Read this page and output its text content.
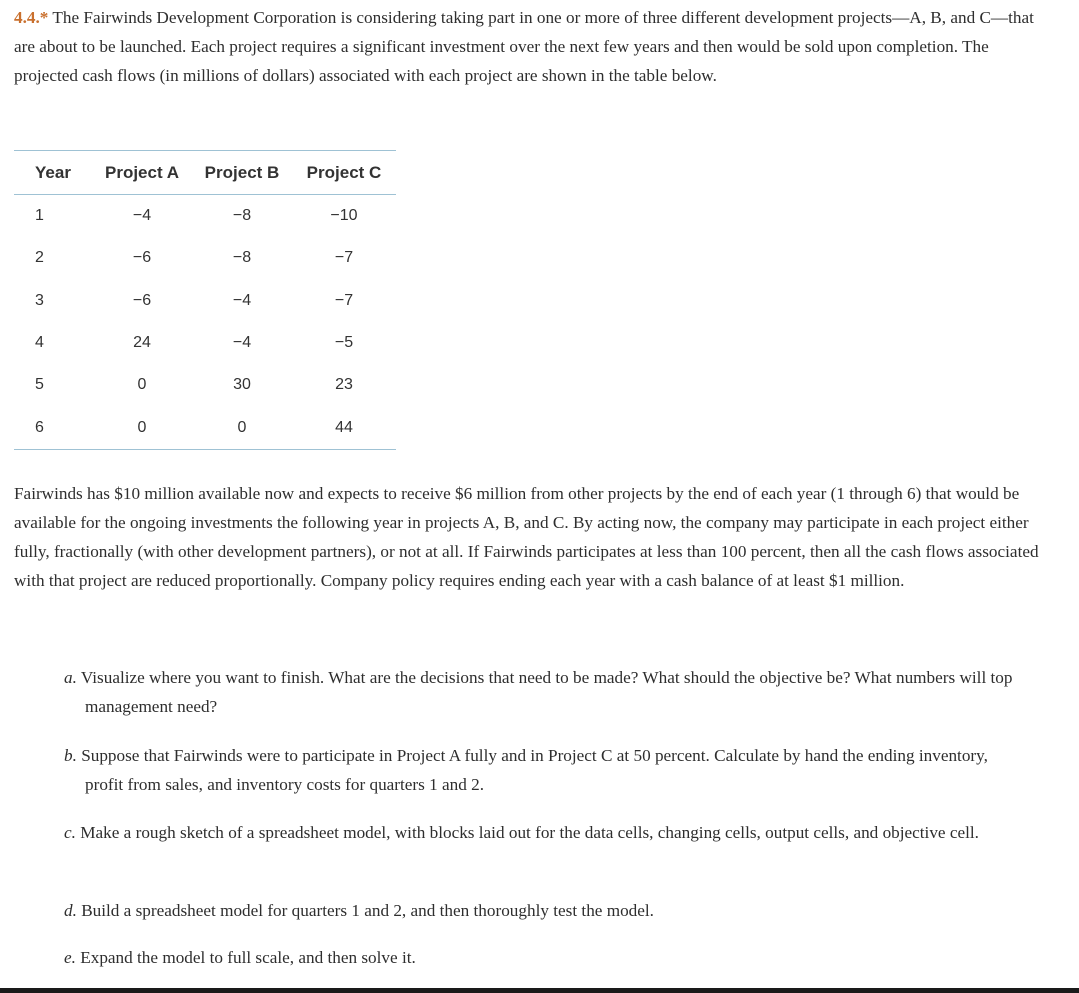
4.4.* The Fairwinds Development Corporation is considering taking part in one or more of three different development projects—A, B, and C—that are about to be launched. Each project requires a significant investment over the next few years and then would be sold upon completion. The projected cash flows (in millions of dollars) associated with each project are shown in the table below.
Year	Project A	Project B	Project C
1	−4	−8	−10
2	−6	−8	−7
3	−6	−4	−7
4	24	−4	−5
5	0	30	23
6	0	0	44
Fairwinds has $10 million available now and expects to receive $6 million from other projects by the end of each year (1 through 6) that would be available for the ongoing investments the following year in projects A, B, and C. By acting now, the company may participate in each project either fully, fractionally (with other development partners), or not at all. If Fairwinds participates at less than 100 percent, then all the cash flows associated with that project are reduced proportionally. Company policy requires ending each year with a cash balance of at least $1 million.
a. Visualize where you want to finish. What are the decisions that need to be made? What should the objective be? What numbers will top management need?
b. Suppose that Fairwinds were to participate in Project A fully and in Project C at 50 percent. Calculate by hand the ending inventory, profit from sales, and inventory costs for quarters 1 and 2.
c. Make a rough sketch of a spreadsheet model, with blocks laid out for the data cells, changing cells, output cells, and objective cell.
d. Build a spreadsheet model for quarters 1 and 2, and then thoroughly test the model.
e. Expand the model to full scale, and then solve it.
